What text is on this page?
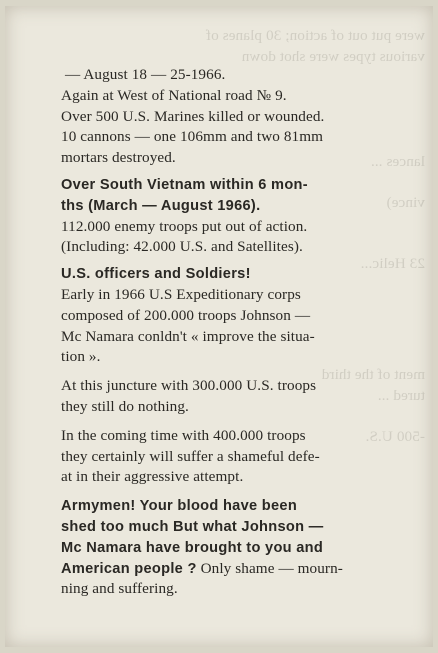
were put out of action; 30 planes of
various types were shot down
lances ...
vince)
23 Helic...
ment of the third
tured ...
-500 U.S.
— August 18 — 25-1966.
Again at West of National road № 9.
Over 500 U.S. Marines killed or wounded.
10 cannons — one 106mm and two 81mm
mortars destroyed.
Over South Vietnam within 6 mon-
ths (March — August 1966).
112.000 enemy troops put out of action.
(Including: 42.000 U.S. and Satellites).
U.S. officers and Soldiers!
Early in 1966 U.S Expeditionary corps
composed of 200.000 troops Johnson —
Mc Namara conldn't « improve the situa-
tion ».
At this juncture with 300.000 U.S. troops
they still do nothing.
In the coming time with 400.000 troops
they certainly will suffer a shameful defe-
at in their aggressive attempt.
Armymen! Your blood have been
shed too much But what Johnson —
Mc Namara have brought to you and
American people ? Only shame — mourn-
ning and suffering.
